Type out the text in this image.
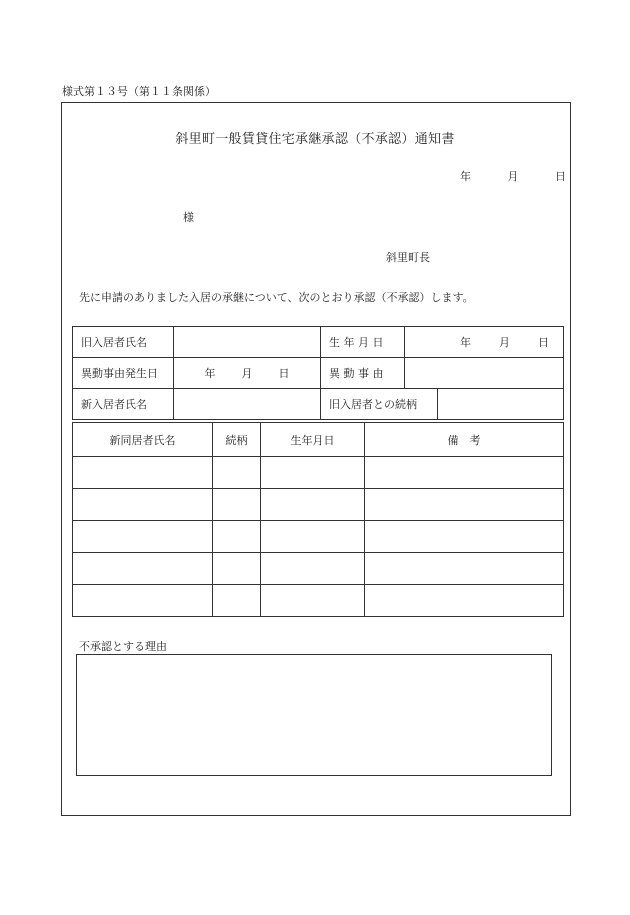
様式第１３号（第１１条関係）
斜里町一般賃貸住宅承継承認（不承認）通知書
年	月	日
様
斜里町長
先に申請のありました入居の承継について、次のとおり承認（不承認）します。
旧入居者氏名		生 年 月 日	年 月 日	

異動事由発生日	年 月 日	異 動 事 由		
新入居者氏名		旧入居者との続柄		
新同居者氏名	続柄	生年月日	備　考

不承認とする理由
